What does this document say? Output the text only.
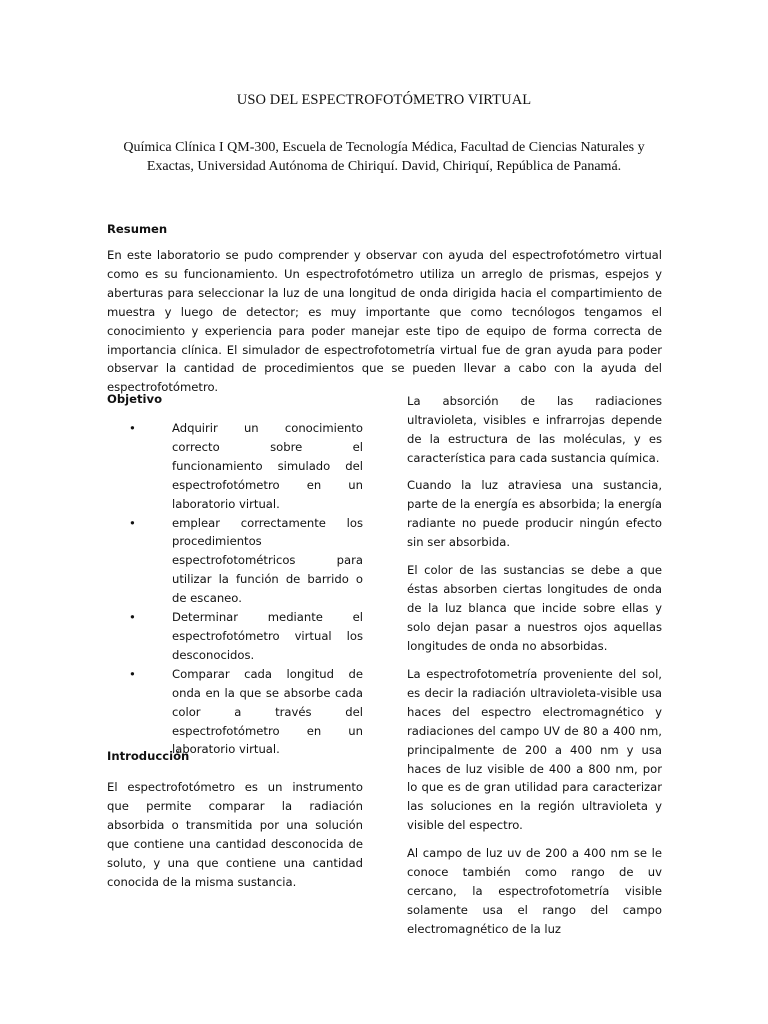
USO DEL ESPECTROFOTÓMETRO VIRTUAL
Química Clínica I QM-300, Escuela de Tecnología Médica, Facultad de Ciencias Naturales y Exactas, Universidad Autónoma de Chiriquí. David, Chiriquí, República de Panamá.
Resumen

En este laboratorio se pudo comprender y observar con ayuda del espectrofotómetro virtual como es su funcionamiento. Un espectrofotómetro utiliza un arreglo de prismas, espejos y aberturas para seleccionar la luz de una longitud de onda dirigida hacia el compartimiento de muestra y luego de detector; es muy importante que como tecnólogos tengamos el conocimiento y experiencia para poder manejar este tipo de equipo de forma correcta de importancia clínica. El simulador de espectrofotometría virtual fue de gran ayuda para poder observar la cantidad de procedimientos que se pueden llevar a cabo con la ayuda del espectrofotómetro.

Objetivo
•	Adquirir un conocimiento correcto sobre el funcionamiento simulado del espectrofotómetro en un laboratorio virtual.
•	emplear correctamente los procedimientos espectrofotométricos para utilizar la función de barrido o de escaneo.
•	Determinar mediante el espectrofotómetro virtual los desconocidos.
•	Comparar cada longitud de onda en la que se absorbe cada color a través del espectrofotómetro en un laboratorio virtual.
Introducción

El espectrofotómetro es un instrumento que permite comparar la radiación absorbida o transmitida por una solución que contiene una cantidad desconocida de soluto, y una que contiene una cantidad conocida de la misma sustancia.

La absorción de las radiaciones ultravioleta, visibles e infrarrojas depende de la estructura de las moléculas, y es característica para cada sustancia química.

Cuando la luz atraviesa una sustancia, parte de la energía es absorbida; la energía radiante no puede producir ningún efecto sin ser absorbida.

El color de las sustancias se debe a que éstas absorben ciertas longitudes de onda de la luz blanca que incide sobre ellas y solo dejan pasar a nuestros ojos aquellas longitudes de onda no absorbidas.

La espectrofotometría proveniente del sol, es decir la radiación ultravioleta-visible usa haces del espectro electromagnético y radiaciones del campo UV de 80 a 400 nm, principalmente de 200 a 400 nm y usa haces de luz visible de 400 a 800 nm, por lo que es de gran utilidad para caracterizar las soluciones en la región ultravioleta y visible del espectro.

Al campo de luz uv de 200 a 400 nm se le conoce también como rango de uv cercano, la espectrofotometría visible solamente usa el rango del campo electromagnético de la luz
